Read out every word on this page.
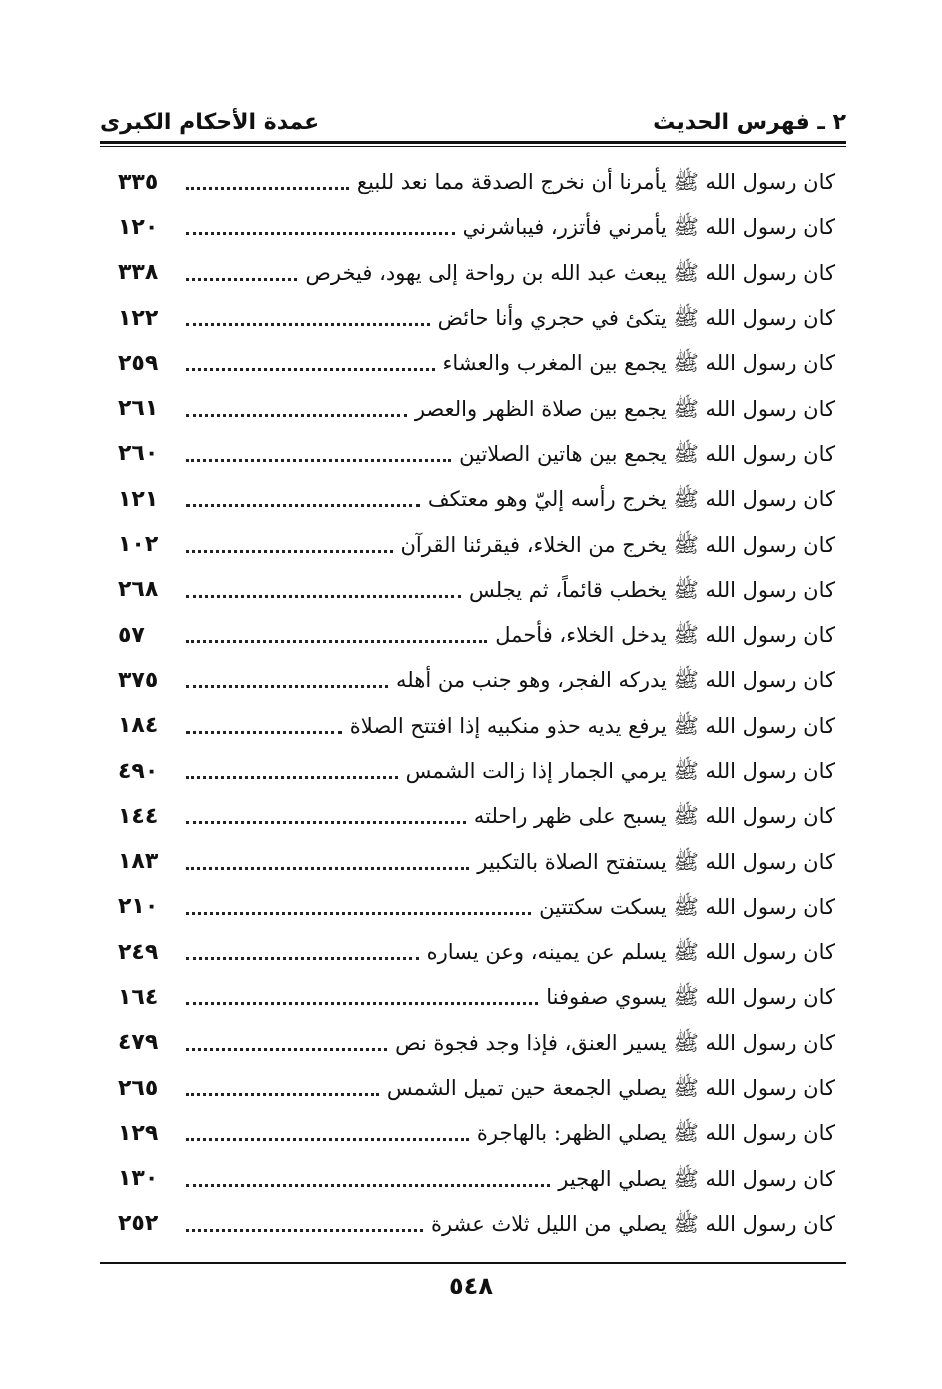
٢ ـ فهرس الحديث
عمدة الأحكام الكبرى
كان رسول الله ﷺ يأمرنا أن نخرج الصدقة مما نعد للبيع
٣٣٥
كان رسول الله ﷺ يأمرني فأتزر، فيباشرني
١٢٠
كان رسول الله ﷺ يبعث عبد الله بن رواحة إلى يهود، فيخرص
٣٣٨
كان رسول الله ﷺ يتكئ في حجري وأنا حائض
١٢٢
كان رسول الله ﷺ يجمع بين المغرب والعشاء
٢٥٩
كان رسول الله ﷺ يجمع بين صلاة الظهر والعصر
٢٦١
كان رسول الله ﷺ يجمع بين هاتين الصلاتين
٢٦٠
كان رسول الله ﷺ يخرج رأسه إليّ وهو معتكف
١٢١
كان رسول الله ﷺ يخرج من الخلاء، فيقرئنا القرآن
١٠٢
كان رسول الله ﷺ يخطب قائماً، ثم يجلس
٢٦٨
كان رسول الله ﷺ يدخل الخلاء، فأحمل
٥٧
كان رسول الله ﷺ يدركه الفجر، وهو جنب من أهله
٣٧٥
كان رسول الله ﷺ يرفع يديه حذو منكبيه إذا افتتح الصلاة
١٨٤
كان رسول الله ﷺ يرمي الجمار إذا زالت الشمس
٤٩٠
كان رسول الله ﷺ يسبح على ظهر راحلته
١٤٤
كان رسول الله ﷺ يستفتح الصلاة بالتكبير
١٨٣
كان رسول الله ﷺ يسكت سكتتين
٢١٠
كان رسول الله ﷺ يسلم عن يمينه، وعن يساره
٢٤٩
كان رسول الله ﷺ يسوي صفوفنا
١٦٤
كان رسول الله ﷺ يسير العنق، فإذا وجد فجوة نص
٤٧٩
كان رسول الله ﷺ يصلي الجمعة حين تميل الشمس
٢٦٥
كان رسول الله ﷺ يصلي الظهر: بالهاجرة
١٢٩
كان رسول الله ﷺ يصلي الهجير
١٣٠
كان رسول الله ﷺ يصلي من الليل ثلاث عشرة
٢٥٢
٥٤٨
